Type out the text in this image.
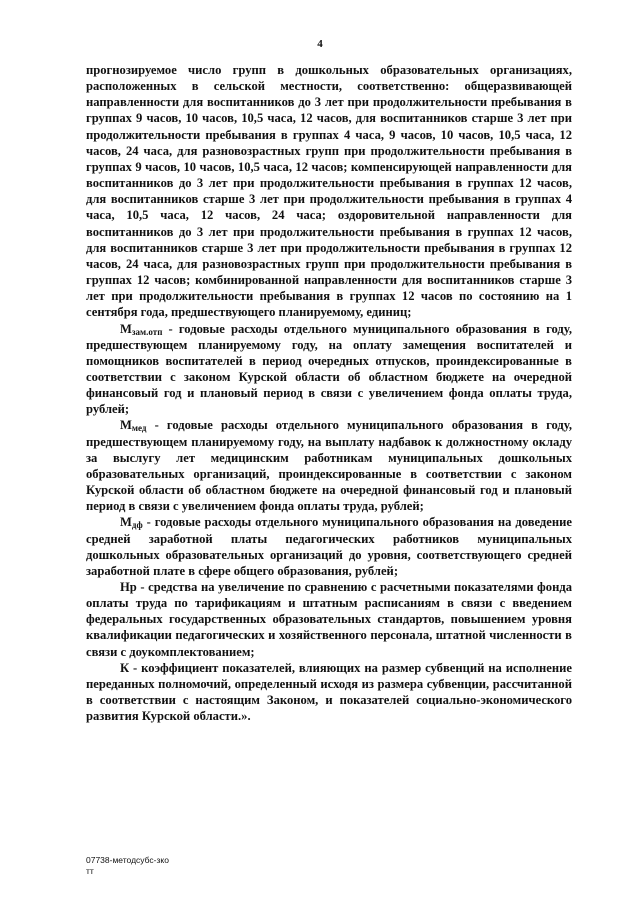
4

прогнозируемое число групп в дошкольных образовательных организациях, расположенных в сельской местности, соответственно: общеразвивающей направленности для воспитанников до 3 лет при продолжительности пребывания в группах 9 часов, 10 часов, 10,5 часа, 12 часов, для воспитанников старше 3 лет при продолжительности пребывания в группах 4 часа, 9 часов, 10 часов, 10,5 часа, 12 часов, 24 часа, для разновозрастных групп при продолжительности пребывания в группах 9 часов, 10 часов, 10,5 часа, 12 часов; компенсирующей направленности для воспитанников до 3 лет при продолжительности пребывания в группах 12 часов, для воспитанников старше 3 лет при продолжительности пребывания в группах 4 часа, 10,5 часа, 12 часов, 24 часа; оздоровительной направленности для воспитанников до 3 лет при продолжительности пребывания в группах 12 часов, для воспитанников старше 3 лет при продолжительности пребывания в группах 12 часов, 24 часа, для разновозрастных групп при продолжительности пребывания в группах 12 часов; комбинированной направленности для воспитанников старше 3 лет при продолжительности пребывания в группах 12 часов по состоянию на 1 сентября года, предшествующего планируемому, единиц;

$М_{зам.отп}$ - годовые расходы отдельного муниципального образования в году, предшествующем планируемому году, на оплату замещения воспитателей и помощников воспитателей в период очередных отпусков, проиндексированные в соответствии с законом Курской области об областном бюджете на очередной финансовый год и плановый период в связи с увеличением фонда оплаты труда, рублей;

$М_{мед}$ - годовые расходы отдельного муниципального образования в году, предшествующем планируемому году, на выплату надбавок к должностному окладу за выслугу лет медицинским работникам муниципальных дошкольных образовательных организаций, проиндексированные в соответствии с законом Курской области об областном бюджете на очередной финансовый год и плановый период в связи с увеличением фонда оплаты труда, рублей;

$М_{дф}$ - годовые расходы отдельного муниципального образования на доведение средней заработной платы педагогических работников муниципальных дошкольных образовательных организаций до уровня, соответствующего средней заработной плате в сфере общего образования, рублей;

Нр - средства на увеличение по сравнению с расчетными показателями фонда оплаты труда по тарификациям и штатным расписаниям в связи с введением федеральных государственных образовательных стандартов, повышением уровня квалификации педагогических и хозяйственного персонала, штатной численности в связи с доукомплектованием;

К - коэффициент показателей, влияющих на размер субвенций на исполнение переданных полномочий, определенный исходя из размера субвенции, рассчитанной в соответствии с настоящим Законом, и показателей социально-экономического развития Курской области.».

07738-методсубс-зко
тт
